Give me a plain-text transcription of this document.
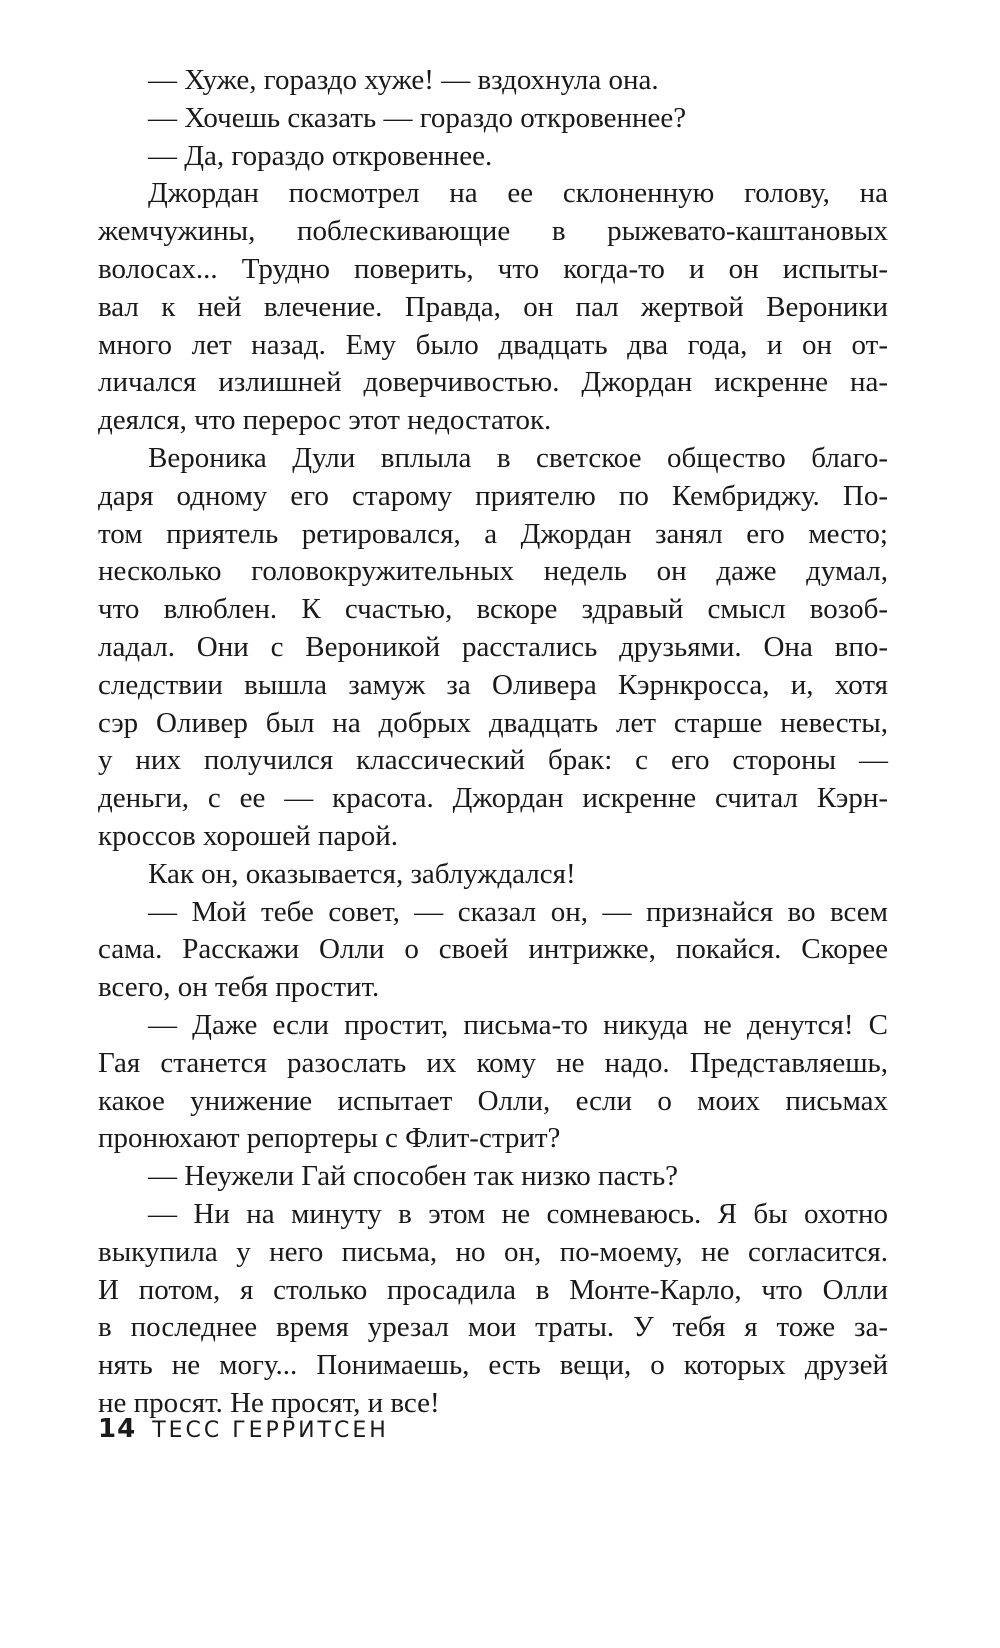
— Хуже, гораздо хуже! — вздохнула она.
— Хочешь сказать — гораздо откровеннее?
— Да, гораздо откровеннее.
Джордан посмотрел на ее склоненную голову, на
жемчужины, поблескивающие в рыжевато-каштановых
волосах... Трудно поверить, что когда-то и он испыты-
вал к ней влечение. Правда, он пал жертвой Вероники
много лет назад. Ему было двадцать два года, и он от-
личался излишней доверчивостью. Джордан искренне на-
деялся, что перерос этот недостаток.
Вероника Дули вплыла в светское общество благо-
даря одному его старому приятелю по Кембриджу. По-
том приятель ретировался, а Джордан занял его место;
несколько головокружительных недель он даже думал,
что влюблен. К счастью, вскоре здравый смысл возоб-
ладал. Они с Вероникой расстались друзьями. Она впо-
следствии вышла замуж за Оливера Кэрнкросса, и, хотя
сэр Оливер был на добрых двадцать лет старше невесты,
у них получился классический брак: с его стороны —
деньги, с ее — красота. Джордан искренне считал Кэрн-
кроссов хорошей парой.
Как он, оказывается, заблуждался!
— Мой тебе совет, — сказал он, — признайся во всем
сама. Расскажи Олли о своей интрижке, покайся. Скорее
всего, он тебя простит.
— Даже если простит, письма-то никуда не денутся! С
Гая станется разослать их кому не надо. Представляешь,
какое унижение испытает Олли, если о моих письмах
пронюхают репортеры с Флит-стрит?
— Неужели Гай способен так низко пасть?
— Ни на минуту в этом не сомневаюсь. Я бы охотно
выкупила у него письма, но он, по-моему, не согласится.
И потом, я столько просадила в Монте-Карло, что Олли
в последнее время урезал мои траты. У тебя я тоже за-
нять не могу... Понимаешь, есть вещи, о которых друзей
не просят. Не просят, и все!
14 ТЕСС ГЕРРИТСЕН
